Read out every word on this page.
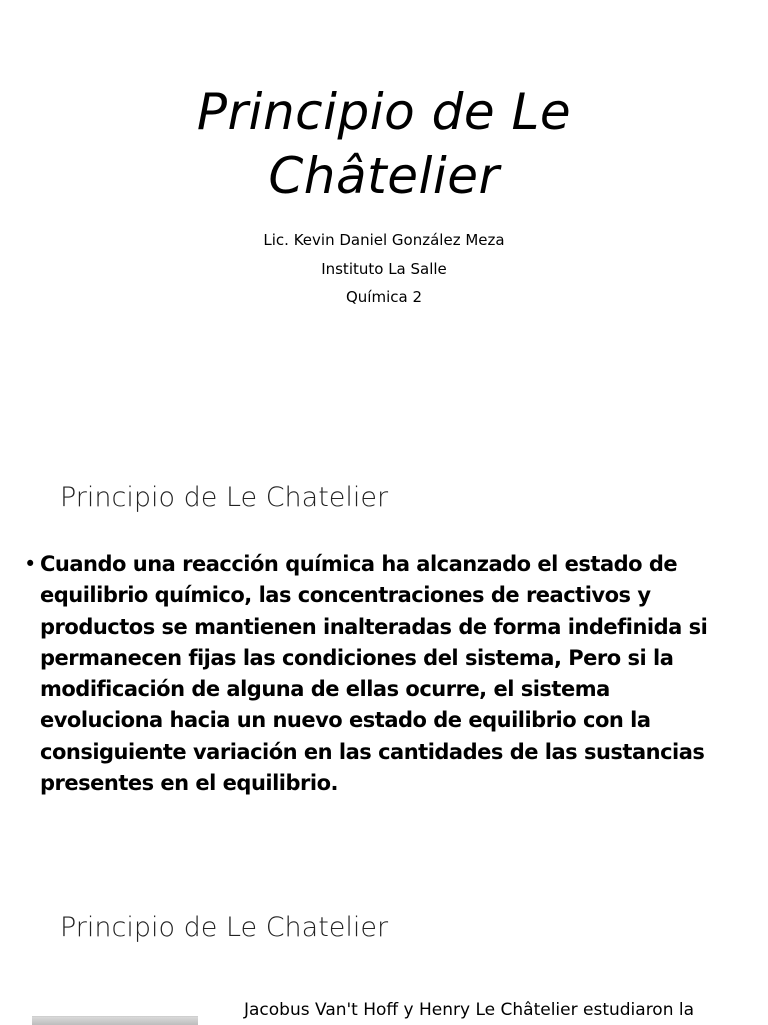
Principio de Le
Châtelier
Lic. Kevin Daniel González Meza
Instituto La Salle
Química 2
Principio de Le Chatelier
• Cuando una reacción química ha alcanzado el estado de
equilibrio químico, las concentraciones de reactivos y
productos se mantienen inalteradas de forma indefinida si
permanecen fijas las condiciones del sistema, Pero si la
modificación de alguna de ellas ocurre, el sistema
evoluciona hacia un nuevo estado de equilibrio con la
consiguiente variación en las cantidades de las sustancias
presentes en el equilibrio.
Principio de Le Chatelier
Jacobus Van't Hoff y Henry Le Châtelier estudiaron la
